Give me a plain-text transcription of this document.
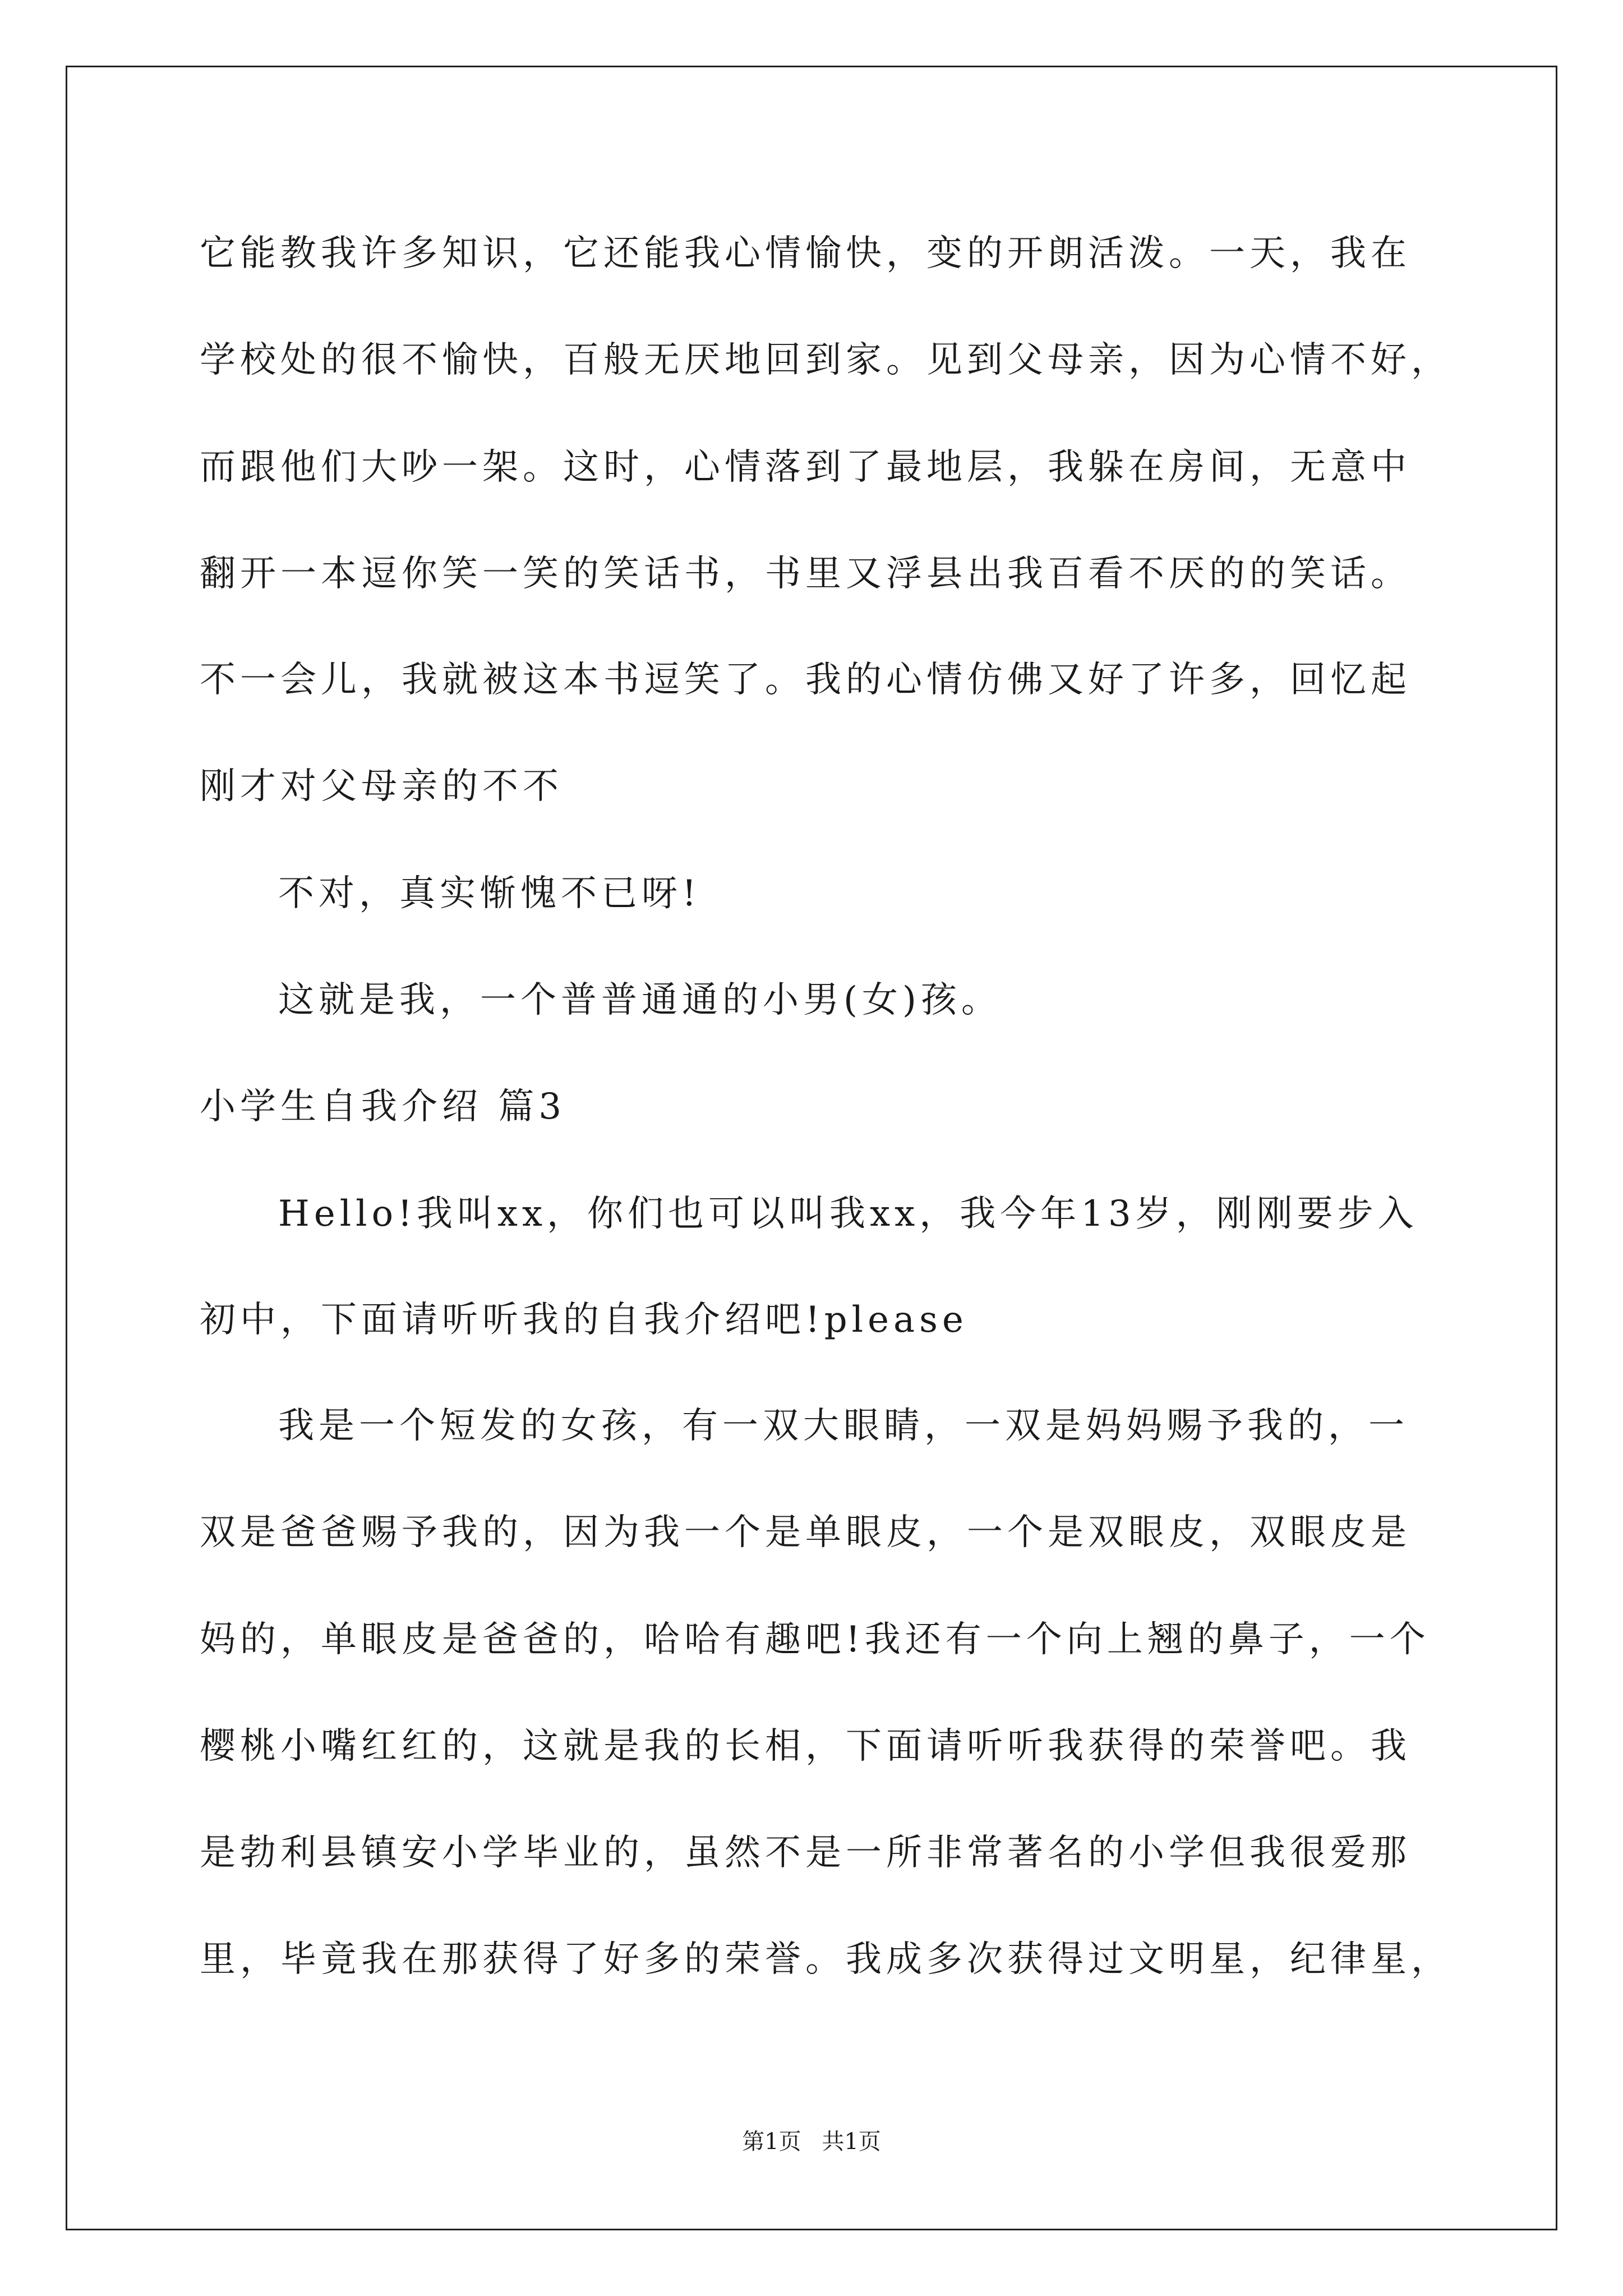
它能教我许多知识，它还能我心情愉快，变的开朗活泼。一天，我在
学校处的很不愉快，百般无厌地回到家。见到父母亲，因为心情不好，
而跟他们大吵一架。这时，心情落到了最地层，我躲在房间，无意中
翻开一本逗你笑一笑的笑话书，书里又浮县出我百看不厌的的笑话。
不一会儿，我就被这本书逗笑了。我的心情仿佛又好了许多，回忆起
刚才对父母亲的不不
不对，真实惭愧不已呀!
这就是我，一个普普通通的小男(女)孩。
小学生自我介绍 篇3
Hello!我叫xx，你们也可以叫我xx，我今年13岁，刚刚要步入
初中，下面请听听我的自我介绍吧!please
我是一个短发的女孩，有一双大眼睛，一双是妈妈赐予我的，一
双是爸爸赐予我的，因为我一个是单眼皮，一个是双眼皮，双眼皮是
妈的，单眼皮是爸爸的，哈哈有趣吧!我还有一个向上翘的鼻子，一个
樱桃小嘴红红的，这就是我的长相，下面请听听我获得的荣誉吧。我
是勃利县镇安小学毕业的，虽然不是一所非常著名的小学但我很爱那
里，毕竟我在那获得了好多的荣誉。我成多次获得过文明星，纪律星，
第1页 共1页
